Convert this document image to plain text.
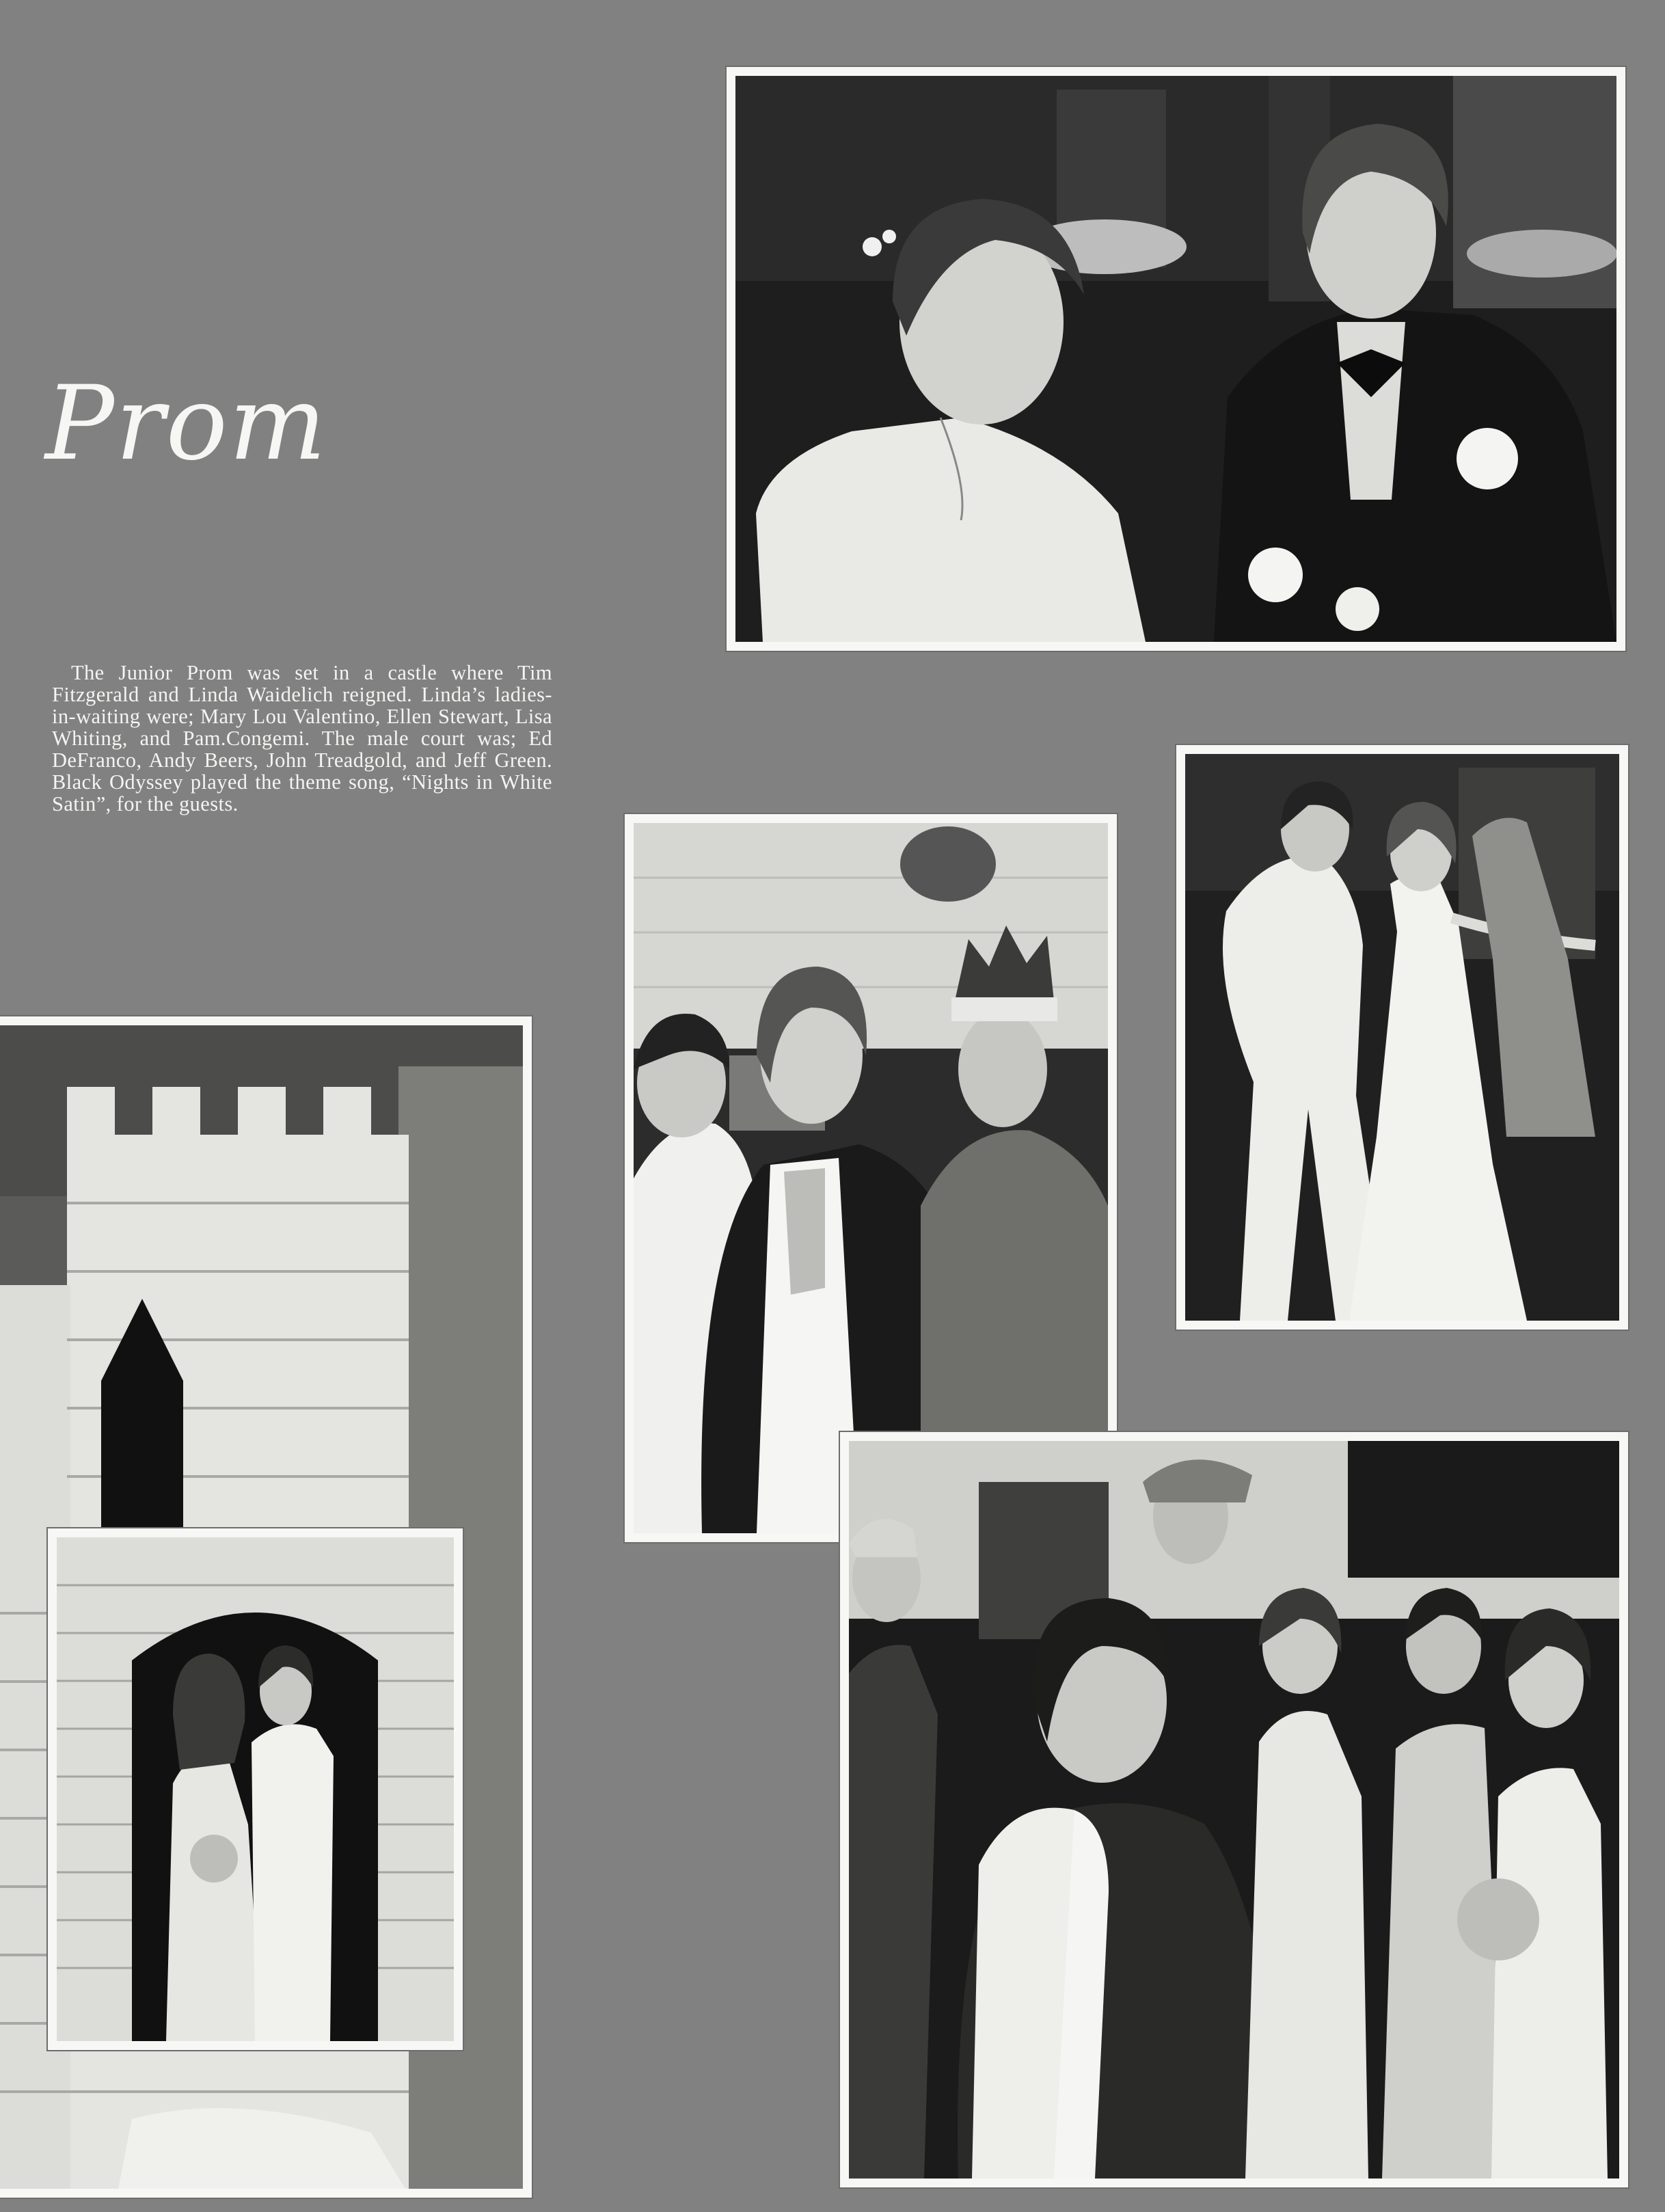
Prom
The Junior Prom was set in a castle where Tim Fitzgerald and Linda Waidelich reigned. Linda’s ladies-in-waiting were; Mary Lou Valentino, Ellen Stewart, Lisa Whiting, and Pam.Congemi. The male court was; Ed DeFranco, Andy Beers, John Treadgold, and Jeff Green. Black Odyssey played the theme song, “Nights in White Satin”, for the guests.
